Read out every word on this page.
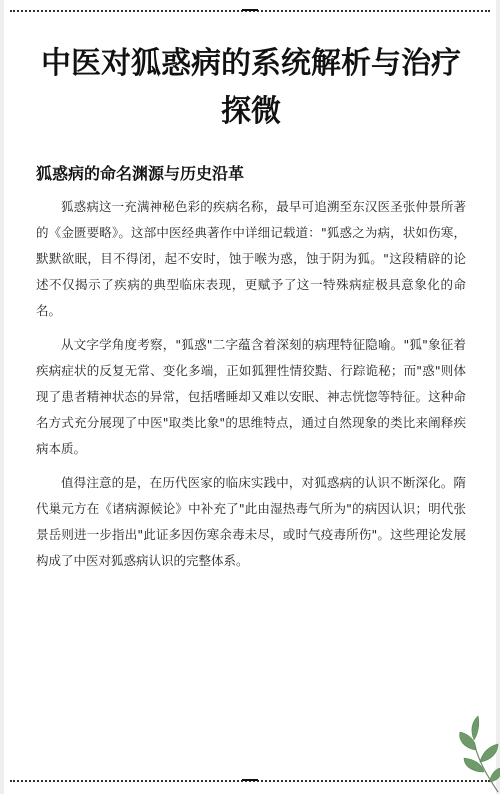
中医对狐惑病的系统解析与治疗探微
狐惑病的命名渊源与历史沿革

狐惑病这一充满神秘色彩的疾病名称，最早可追溯至东汉医圣张仲景所著的《金匮要略》。这部中医经典著作中详细记载道："狐惑之为病，状如伤寒，默默欲眠，目不得闭，起不安时，蚀于喉为惑，蚀于阴为狐。"这段精辟的论述不仅揭示了疾病的典型临床表现，更赋予了这一特殊病症极具意象化的命名。

从文字学角度考察，"狐惑"二字蕴含着深刻的病理特征隐喻。"狐"象征着疾病症状的反复无常、变化多端，正如狐狸性情狡黠、行踪诡秘；而"惑"则体现了患者精神状态的异常，包括嗜睡却又难以安眠、神志恍惚等特征。这种命名方式充分展现了中医"取类比象"的思维特点，通过自然现象的类比来阐释疾病本质。

值得注意的是，在历代医家的临床实践中，对狐惑病的认识不断深化。隋代巢元方在《诸病源候论》中补充了"此由湿热毒气所为"的病因认识；明代张景岳则进一步指出"此证多因伤寒余毒未尽，或时气疫毒所伤"。这些理论发展构成了中医对狐惑病认识的完整体系。
